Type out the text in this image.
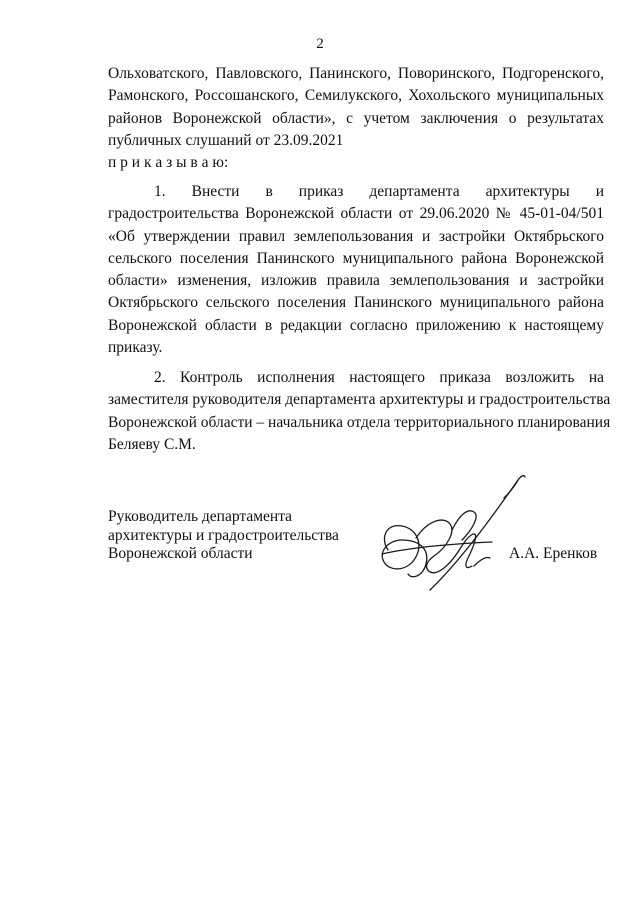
2
Ольховатского, Павловского, Панинского, Поворинского, Подгоренского,
Рамонского, Россошанского, Семилукского, Хохольского муниципальных
районов Воронежской области», с учетом заключения о результатах
публичных слушаний от 23.09.2021
п р и к а з ы в а ю:
1. Внести в приказ департамента архитектуры и
градостроительства Воронежской области от 29.06.2020 № 45-01-04/501
«Об утверждении правил землепользования и застройки Октябрьского
сельского поселения Панинского муниципального района Воронежской
области» изменения, изложив правила землепользования и застройки
Октябрьского сельского поселения Панинского муниципального района
Воронежской области в редакции согласно приложению к настоящему
приказу.
2. Контроль исполнения настоящего приказа возложить на
заместителя руководителя департамента архитектуры и градостроительства
Воронежской области – начальника отдела территориального планирования
Беляеву С.М.
Руководитель департамента
архитектуры и градостроительства
Воронежской области	А.А. Еренков
